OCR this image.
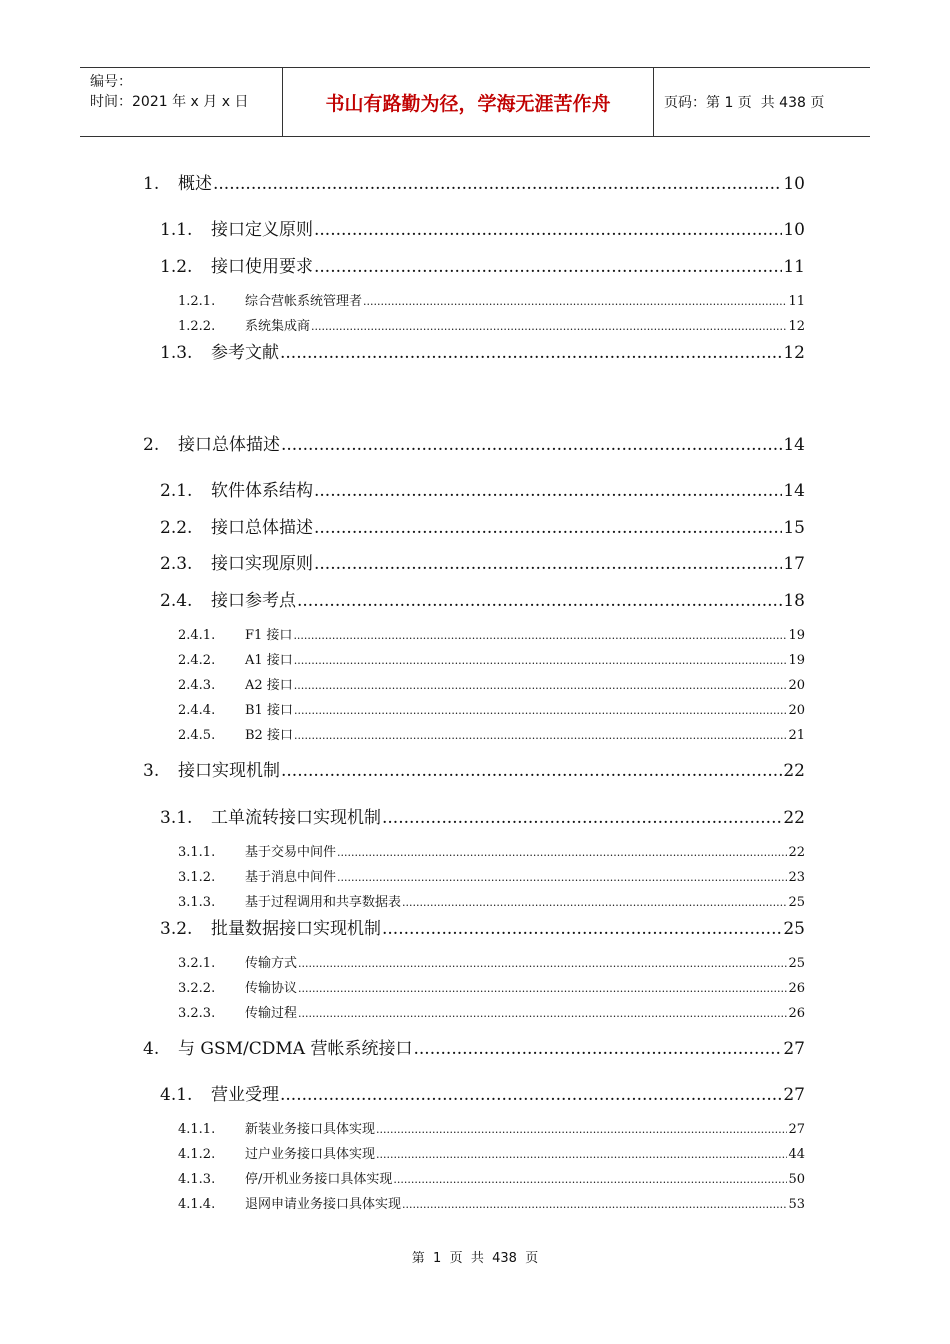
编号：
时间：2021 年 x 月 x 日	书山有路勤为径，学海无涯苦作舟	页码：第 1 页  共 438 页
1.	概述 .....	10
1.1.	接口定义原则 .....	10
1.2.	接口使用要求 .....	11
1.2.1.	综合营帐系统管理者 .....	11
1.2.2.	系统集成商 .....	12
1.3.	参考文献 .....	12
2.	接口总体描述 .....	14
2.1.	软件体系结构 .....	14
2.2.	接口总体描述 .....	15
2.3.	接口实现原则 .....	17
2.4.	接口参考点 .....	18
2.4.1.	F1 接口 .....	19
2.4.2.	A1 接口 .....	19
2.4.3.	A2 接口 .....	20
2.4.4.	B1 接口 .....	20
2.4.5.	B2 接口 .....	21
3.	接口实现机制 .....	22
3.1.	工单流转接口实现机制 .....	22
3.1.1.	基于交易中间件 .....	22
3.1.2.	基于消息中间件 .....	23
3.1.3.	基于过程调用和共享数据表 .....	25
3.2.	批量数据接口实现机制 .....	25
3.2.1.	传输方式 .....	25
3.2.2.	传输协议 .....	26
3.2.3.	传输过程 .....	26
4.	与 GSM/CDMA 营帐系统接口 .....	27
4.1.	营业受理 .....	27
4.1.1.	新装业务接口具体实现 .....	27
4.1.2.	过户业务接口具体实现 .....	44
4.1.3.	停/开机业务接口具体实现 .....	50
4.1.4.	退网申请业务接口具体实现 .....	53
第  1  页  共  438  页
